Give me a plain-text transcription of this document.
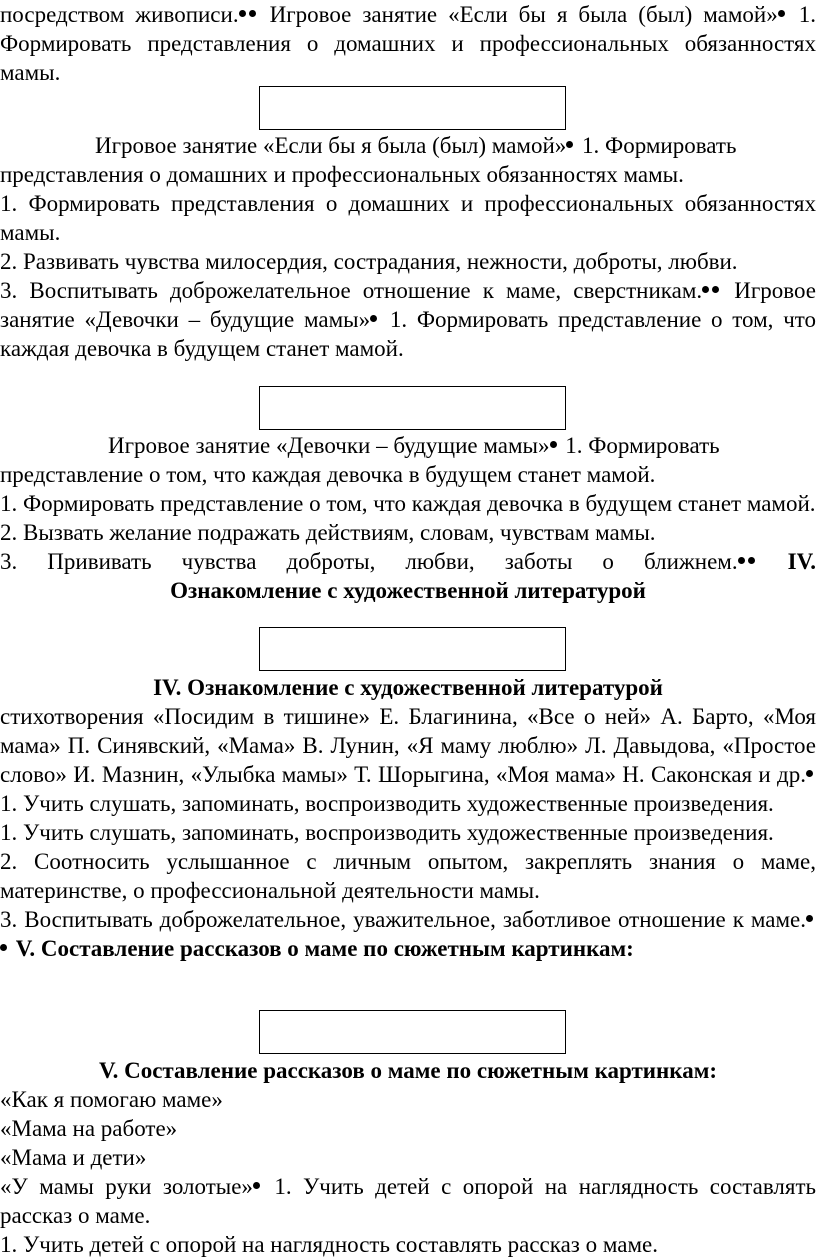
посредством живописи. Игровое занятие «Если бы я была (был) мамой» 1. Формировать представления о домашних и профессиональных обязанностях мамы.

Игровое занятие «Если бы я была (был) мамой» 1. Формировать представления о домашних и профессиональных обязанностях мамы.

1. Формировать представления о домашних и профессиональных обязанностях мамы.

2. Развивать чувства милосердия, сострадания, нежности, доброты, любви.

3. Воспитывать доброжелательное отношение к маме, сверстникам. Игровое занятие «Девочки – будущие мамы» 1. Формировать представление о том, что каждая девочка в будущем станет мамой.

Игровое занятие «Девочки – будущие мамы» 1. Формировать представление о том, что каждая девочка в будущем станет мамой.

1. Формировать представление о том, что каждая девочка в будущем станет мамой.

2. Вызвать желание подражать действиям, словам, чувствам мамы.

3. Прививать чувства доброты, любви, заботы о ближнем. IV.

Ознакомление с художественной литературой

IV. Ознакомление с художественной литературой

стихотворения «Посидим в тишине» Е. Благинина, «Все о ней» А. Барто, «Моя мама» П. Синявский, «Мама» В. Лунин, «Я маму люблю» Л. Давыдова, «Простое слово» И. Мазнин, «Улыбка мамы» Т. Шорыгина, «Моя мама» Н. Саконская и др. 1. Учить слушать, запоминать, воспроизводить художественные произведения.

1. Учить слушать, запоминать, воспроизводить художественные произведения.

2. Соотносить услышанное с личным опытом, закреплять знания о маме, материнстве, о профессиональной деятельности мамы.

3. Воспитывать доброжелательное, уважительное, заботливое отношение к маме. V. Составление рассказов о маме по сюжетным картинкам:

V. Составление рассказов о маме по сюжетным картинкам:

«Как я помогаю маме»

«Мама на работе»

«Мама и дети»

«У мамы руки золотые» 1. Учить детей с опорой на наглядность составлять рассказ о маме.

1. Учить детей с опорой на наглядность составлять рассказ о маме.
